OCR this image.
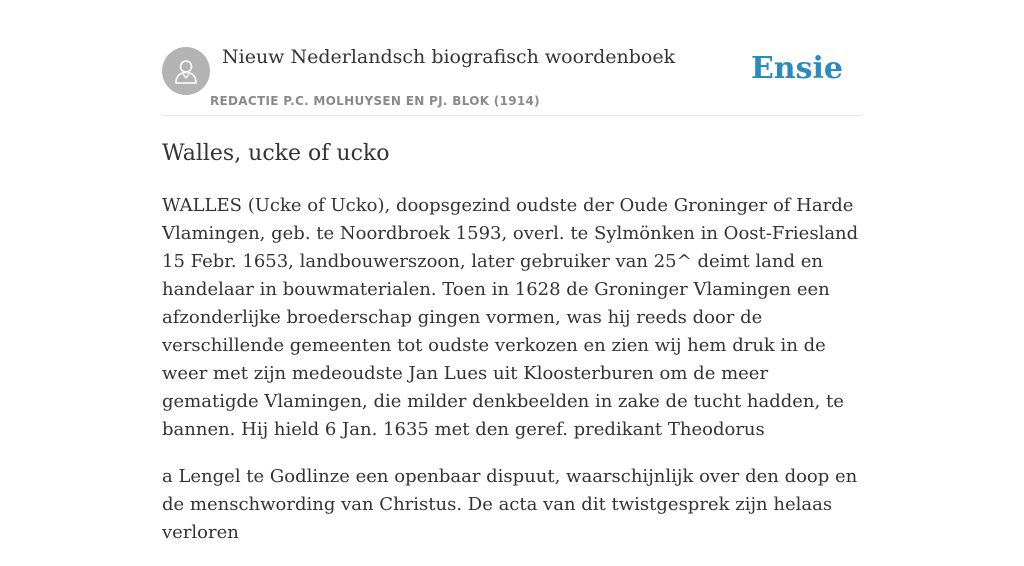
Nieuw Nederlandsch biografisch woordenboek
REDACTIE P.C. MOLHUYSEN EN PJ. BLOK (1914)
Ensie
Walles, ucke of ucko

WALLES (Ucke of Ucko), doopsgezind oudste der Oude Groninger of Harde Vlamingen, geb. te Noordbroek 1593, overl. te Sylmönken in Oost-Friesland 15 Febr. 1653, landbouwerszoon, later gebruiker van 25^ deimt land en handelaar in bouwmaterialen. Toen in 1628 de Groninger Vlamingen een afzonderlijke broederschap gingen vormen, was hij reeds door de verschillende gemeenten tot oudste verkozen en zien wij hem druk in de weer met zijn medeoudste Jan Lues uit Kloosterburen om de meer gematigde Vlamingen, die milder denkbeelden in zake de tucht hadden, te bannen. Hij hield 6 Jan. 1635 met den geref. predikant Theodorus

a Lengel te Godlinze een openbaar dispuut, waarschijnlijk over den doop en de menschwording van Christus. De acta van dit twistgesprek zijn helaas verloren
